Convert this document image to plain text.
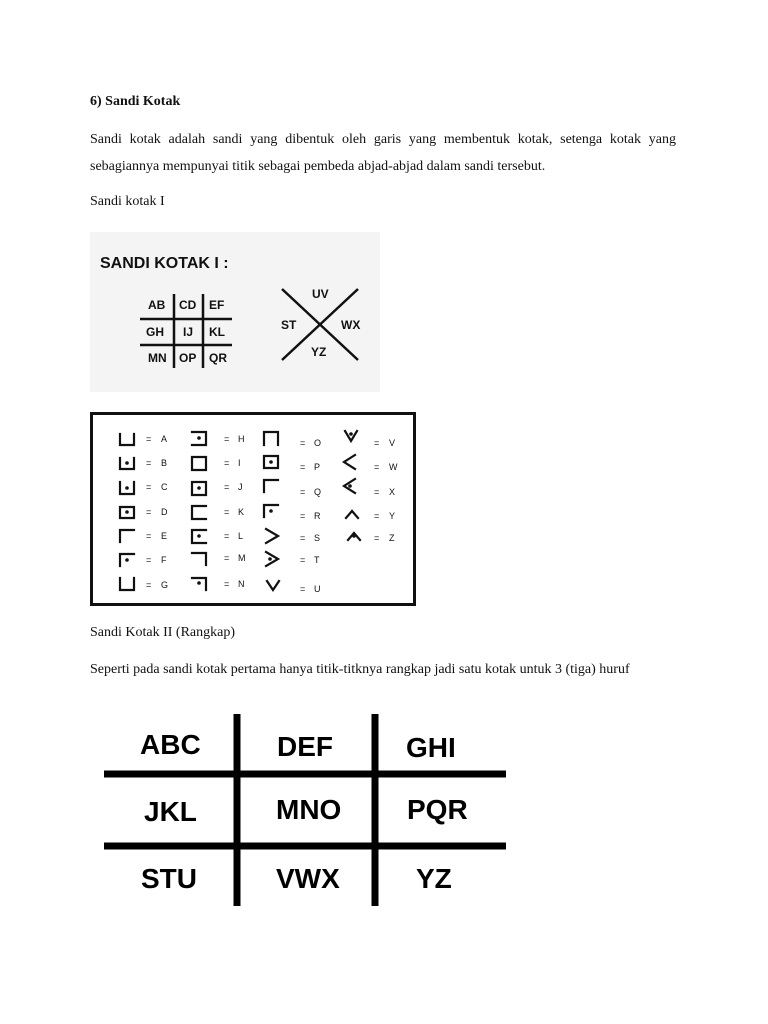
6) Sandi Kotak

Sandi kotak adalah sandi yang dibentuk oleh garis yang membentuk kotak, setenga kotak yang sebagiannya mempunyai titik sebagai pembeda abjad-abjad dalam sandi tersebut.

Sandi kotak I
SANDI KOTAK I :
AB CD EF
GH IJ KL
MN OP QR
UV
ST	WX
YZ
= A
= B
= C
= D
= E
= F
= G
= H
= I
= J
= K
= L
= M
= N
= O
= P
= Q
= R
= S
= T
= U
= V
= W
= X
= Y
= Z
Sandi Kotak II (Rangkap)
Seperti pada sandi kotak pertama hanya titik-titknya rangkap jadi satu kotak untuk 3 (tiga) huruf
ABC	DEF	GHI
JKL	MNO PQR
STU	VWX	YZ
